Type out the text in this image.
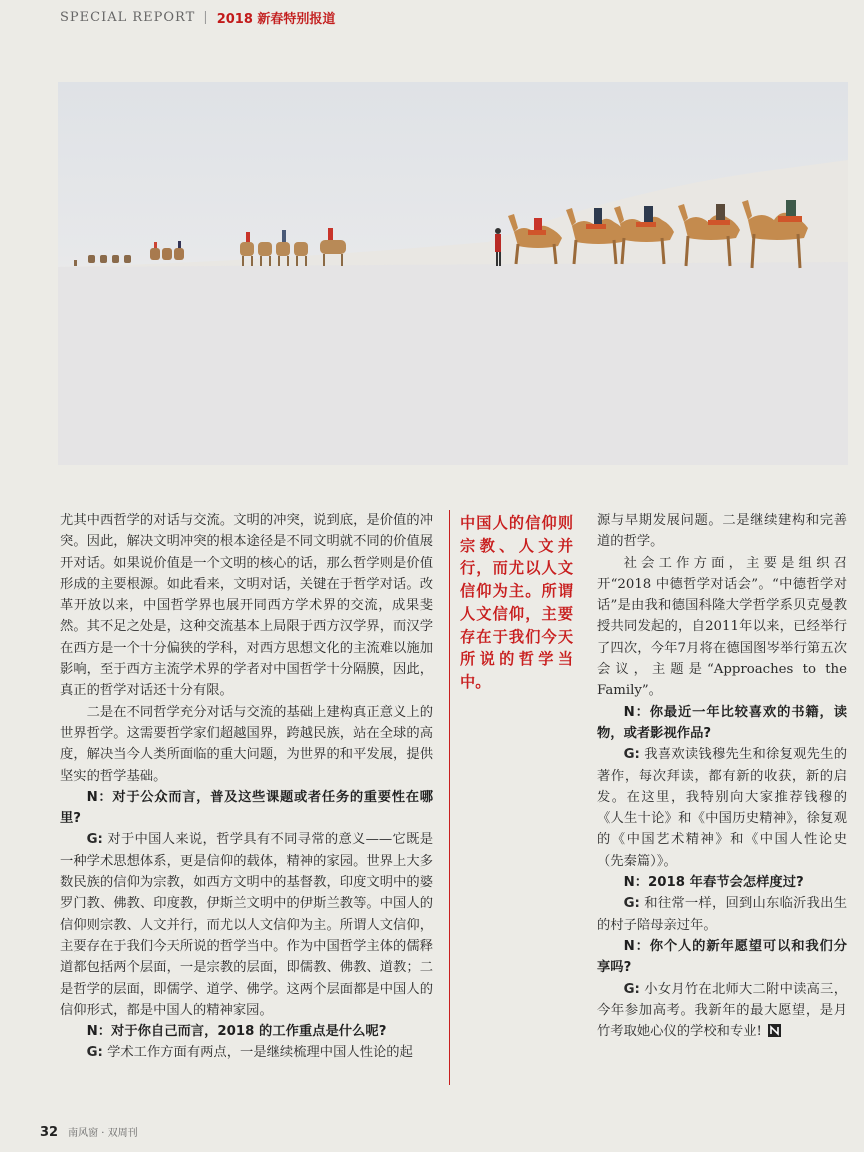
SPECIAL REPORT | 2018 新春特别报道

尤其中西哲学的对话与交流。文明的冲突，说到底，是价值的冲突。因此，解决文明冲突的根本途径是不同文明就不同的价值展开对话。如果说价值是一个文明的核心的话，那么哲学则是价值形成的主要根源。如此看来，文明对话，关键在于哲学对话。改革开放以来，中国哲学界也展开同西方学术界的交流，成果斐然。其不足之处是，这种交流基本上局限于西方汉学界，而汉学在西方是一个十分偏狭的学科，对西方思想文化的主流难以施加影响，至于西方主流学术界的学者对中国哲学十分隔膜，因此，真正的哲学对话还十分有限。

二是在不同哲学充分对话与交流的基础上建构真正意义上的世界哲学。这需要哲学家们超越国界，跨越民族，站在全球的高度，解决当今人类所面临的重大问题，为世界的和平发展，提供坚实的哲学基础。

N：对于公众而言，普及这些课题或者任务的重要性在哪里?

G: 对于中国人来说，哲学具有不同寻常的意义——它既是一种学术思想体系，更是信仰的载体，精神的家园。世界上大多数民族的信仰为宗教，如西方文明中的基督教，印度文明中的婆罗门教、佛教、印度教，伊斯兰文明中的伊斯兰教等。中国人的信仰则宗教、人文并行，而尤以人文信仰为主。所谓人文信仰，主要存在于我们今天所说的哲学当中。作为中国哲学主体的儒释道都包括两个层面，一是宗教的层面，即儒教、佛教、道教；二是哲学的层面，即儒学、道学、佛学。这两个层面都是中国人的信仰形式，都是中国人的精神家园。

N：对于你自己而言，2018 的工作重点是什么呢?

G: 学术工作方面有两点，一是继续梳理中国人性论的起

中国人的信仰则宗教、人文并行，而尤以人文信仰为主。所谓人文信仰，主要存在于我们今天所说的哲学当中。

源与早期发展问题。二是继续建构和完善道的哲学。

社会工作方面，主要是组织召开“2018 中德哲学对话会”。“中德哲学对话”是由我和德国科隆大学哲学系贝克曼教授共同发起的，自2011年以来，已经举行了四次，今年7月将在德国图岑举行第五次会议，主题是“Approaches to the Family”。

N：你最近一年比较喜欢的书籍，读物，或者影视作品?

G: 我喜欢读钱穆先生和徐复观先生的著作，每次拜读，都有新的收获，新的启发。在这里，我特别向大家推荐钱穆的《人生十论》和《中国历史精神》，徐复观的《中国艺术精神》和《中国人性论史（先秦篇）》。

N：2018 年春节会怎样度过?

G: 和往常一样，回到山东临沂我出生的村子陪母亲过年。

N：你个人的新年愿望可以和我们分享吗?

G: 小女月竹在北师大二附中读高三，今年参加高考。我新年的最大愿望，是月竹考取她心仪的学校和专业!

32 南风窗 · 双周刊
